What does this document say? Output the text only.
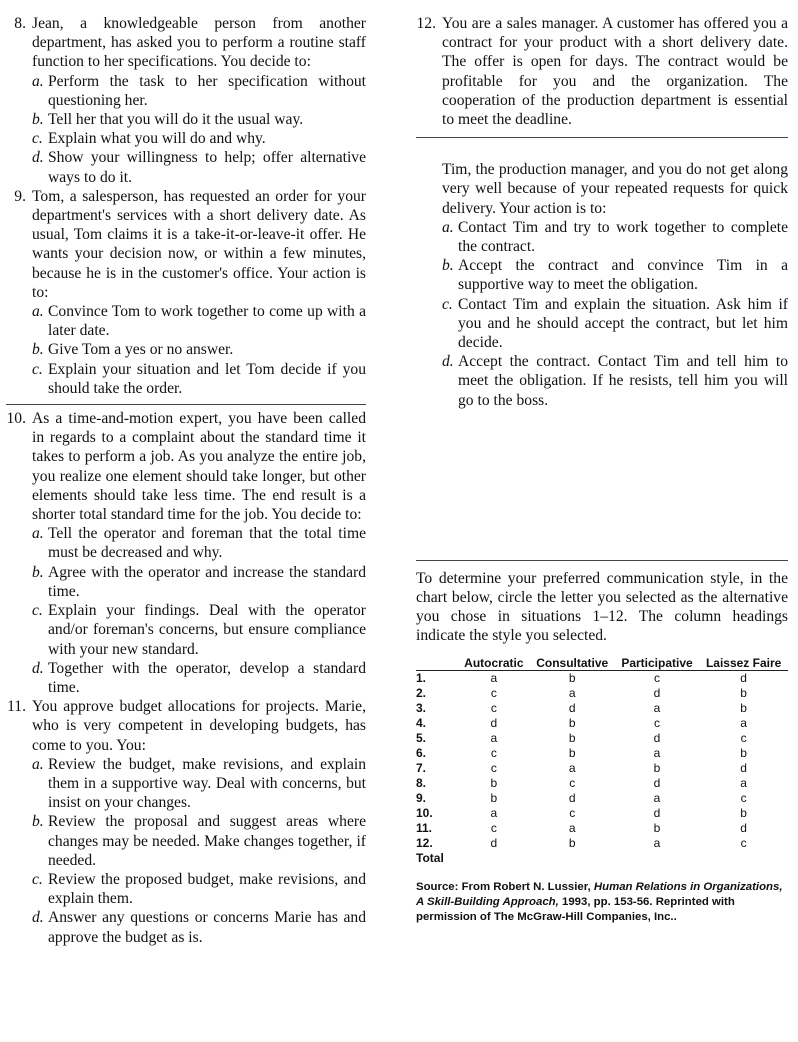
8. Jean, a knowledgeable person from another department, has asked you to perform a routine staff function to her specifications. You decide to:
a. Perform the task to her specification without questioning her.
b. Tell her that you will do it the usual way.
c. Explain what you will do and why.
d. Show your willingness to help; offer alternative ways to do it.
9. Tom, a salesperson, has requested an order for your department's services with a short delivery date. As usual, Tom claims it is a take-it-or-leave-it offer. He wants your decision now, or within a few minutes, because he is in the customer's office. Your action is to:
a. Convince Tom to work together to come up with a later date.
b. Give Tom a yes or no answer.
c. Explain your situation and let Tom decide if you should take the order.
10. As a time-and-motion expert, you have been called in regards to a complaint about the standard time it takes to perform a job. As you analyze the entire job, you realize one element should take longer, but other elements should take less time. The end result is a shorter total standard time for the job. You decide to:
a. Tell the operator and foreman that the total time must be decreased and why.
b. Agree with the operator and increase the standard time.
c. Explain your findings. Deal with the operator and/or foreman's concerns, but ensure compliance with your new standard.
d. Together with the operator, develop a standard time.
11. You approve budget allocations for projects. Marie, who is very competent in developing budgets, has come to you. You:
a. Review the budget, make revisions, and explain them in a supportive way. Deal with concerns, but insist on your changes.
b. Review the proposal and suggest areas where changes may be needed. Make changes together, if needed.
c. Review the proposed budget, make revisions, and explain them.
d. Answer any questions or concerns Marie has and approve the budget as is.
12. You are a sales manager. A customer has offered you a contract for your product with a short delivery date. The offer is open for days. The contract would be profitable for you and the organization. The cooperation of the production department is essential to meet the deadline.
Tim, the production manager, and you do not get along very well because of your repeated requests for quick delivery. Your action is to:
a. Contact Tim and try to work together to complete the contract.
b. Accept the contract and convince Tim in a supportive way to meet the obligation.
c. Contact Tim and explain the situation. Ask him if you and he should accept the contract, but let him decide.
d. Accept the contract. Contact Tim and tell him to meet the obligation. If he resists, tell him you will go to the boss.
To determine your preferred communication style, in the chart below, circle the letter you selected as the alternative you chose in situations 1–12. The column headings indicate the style you selected.
	Autocratic	Consultative	Participative	Laissez Faire
1.	a	b	c	d
2.	c	a	d	b
3.	c	d	a	b
4.	d	b	c	a
5.	a	b	d	c
6.	c	b	a	b
7.	c	a	b	d
8.	b	c	d	a
9.	b	d	a	c
10.	a	c	d	b
11.	c	a	b	d
12.	d	b	a	c
Total				
Source: From Robert N. Lussier, Human Relations in Organizations, A Skill-Building Approach, 1993, pp. 153-56. Reprinted with permission of The McGraw-Hill Companies, Inc..
